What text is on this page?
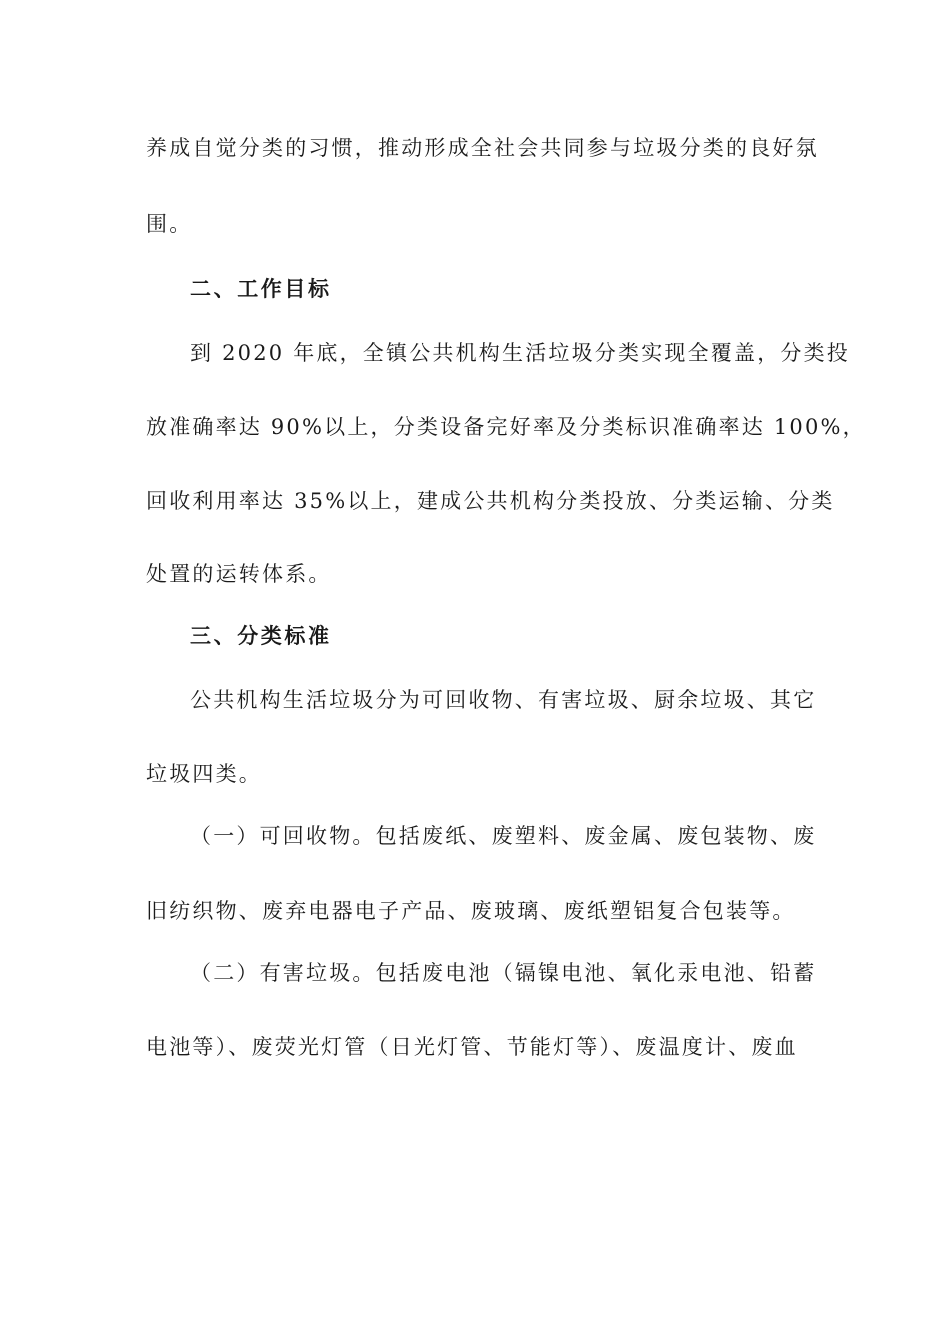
养成自觉分类的习惯，推动形成全社会共同参与垃圾分类的良好氛
围。
二、工作目标
到 2020 年底，全镇公共机构生活垃圾分类实现全覆盖，分类投
放准确率达 90%以上，分类设备完好率及分类标识准确率达 100%，
回收利用率达 35%以上，建成公共机构分类投放、分类运输、分类
处置的运转体系。
三、分类标准
公共机构生活垃圾分为可回收物、有害垃圾、厨余垃圾、其它
垃圾四类。
（一）可回收物。包括废纸、废塑料、废金属、废包装物、废
旧纺织物、废弃电器电子产品、废玻璃、废纸塑铝复合包装等。
（二）有害垃圾。包括废电池（镉镍电池、氧化汞电池、铅蓄
电池等）、废荧光灯管（日光灯管、节能灯等）、废温度计、废血
